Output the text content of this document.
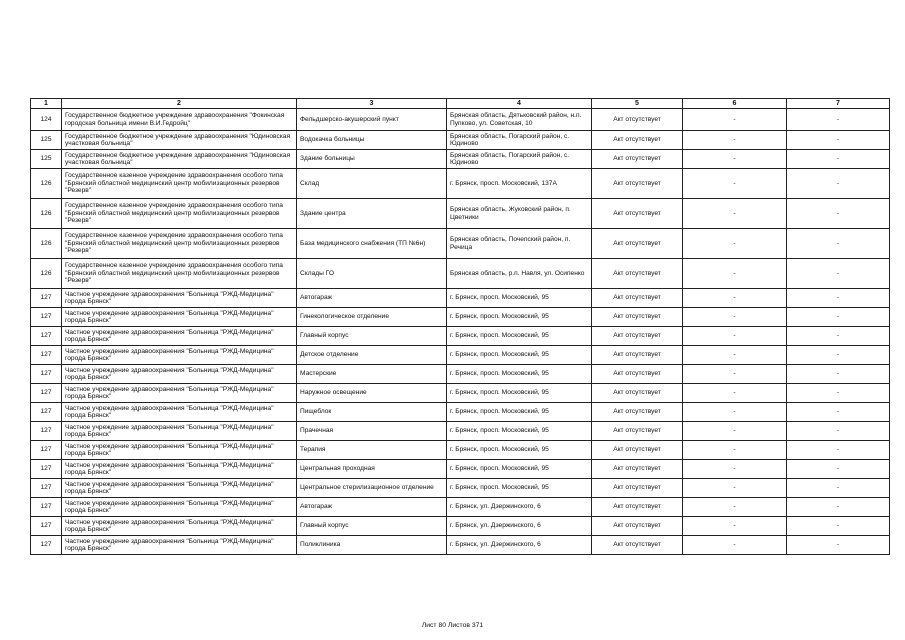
1	2	3	4	5	6	7
124	Государственное бюджетное учреждение здравоохранения "Фокинская городская больница имени В.И.Гедройц"	Фельдшерско-акушерский пункт	Брянская область, Дятьковский район, н.п. Пупково, ул. Советская, 10	Акт отсутствует	-	-
125	Государственное бюджетное учреждение здравоохранения "Юдиновская участковая больница"	Водокачка больницы	Брянская область, Погарский район, с. Юдиново	Акт отсутствует	-	-
125	Государственное бюджетное учреждение здравоохранения "Юдиновская участковая больница"	Здание больницы	Брянская область, Погарский район, с. Юдиново	Акт отсутствует	-	-
126	Государственное казенное учреждение здравоохранения особого типа "Брянский областной медицинский центр мобилизационных резервов "Резерв"	Склад	г. Брянск, просп. Московский, 137А	Акт отсутствует	-	-
126	Государственное казенное учреждение здравоохранения особого типа "Брянский областной медицинский центр мобилизационных резервов "Резерв"	Здание центра	Брянская область, Жуковский район, п. Цветники	Акт отсутствует	-	-
126	Государственное казенное учреждение здравоохранения особого типа "Брянский областной медицинский центр мобилизационных резервов "Резерв"	База медицинского снабжения (ТП №6н)	Брянская область, Почепский район, п. Речица	Акт отсутствует	-	-
126	Государственное казенное учреждение здравоохранения особого типа "Брянский областной медицинский центр мобилизационных резервов "Резерв"	Склады ГО	Брянская область, р.п. Навля, ул. Осипенко	Акт отсутствует	-	-
127	Частное учреждение здравоохранения "Больница "РЖД-Медицина" города Брянск"	Автогараж	г. Брянск, просп. Московский, 95	Акт отсутствует	-	-
127	Частное учреждение здравоохранения "Больница "РЖД-Медицина" города Брянск"	Гинекологическое отделение	г. Брянск, просп. Московский, 95	Акт отсутствует	-	-
127	Частное учреждение здравоохранения "Больница "РЖД-Медицина" города Брянск"	Главный корпус	г. Брянск, просп. Московский, 95	Акт отсутствует	-	-
127	Частное учреждение здравоохранения "Больница "РЖД-Медицина" города Брянск"	Детское отделение	г. Брянск, просп. Московский, 95	Акт отсутствует	-	-
127	Частное учреждение здравоохранения "Больница "РЖД-Медицина" города Брянск"	Мастерские	г. Брянск, просп. Московский, 95	Акт отсутствует	-	-
127	Частное учреждение здравоохранения "Больница "РЖД-Медицина" города Брянск"	Наружное освещение	г. Брянск, просп. Московский, 95	Акт отсутствует	-	-
127	Частное учреждение здравоохранения "Больница "РЖД-Медицина" города Брянск"	Пищеблок	г. Брянск, просп. Московский, 95	Акт отсутствует	-	-
127	Частное учреждение здравоохранения "Больница "РЖД-Медицина" города Брянск"	Прачечная	г. Брянск, просп. Московский, 95	Акт отсутствует	-	-
127	Частное учреждение здравоохранения "Больница "РЖД-Медицина" города Брянск"	Терапия	г. Брянск, просп. Московский, 95	Акт отсутствует	-	-
127	Частное учреждение здравоохранения "Больница "РЖД-Медицина" города Брянск"	Центральная проходная	г. Брянск, просп. Московский, 95	Акт отсутствует	-	-
127	Частное учреждение здравоохранения "Больница "РЖД-Медицина" города Брянск"	Центральное стерилизационное отделение	г. Брянск, просп. Московский, 95	Акт отсутствует	-	-
127	Частное учреждение здравоохранения "Больница "РЖД-Медицина" города Брянск"	Автогараж	г. Брянск, ул. Дзержинского, 6	Акт отсутствует	-	-
127	Частное учреждение здравоохранения "Больница "РЖД-Медицина" города Брянск"	Главный корпус	г. Брянск, ул. Дзержинского, 6	Акт отсутствует	-	-
127	Частное учреждение здравоохранения "Больница "РЖД-Медицина" города Брянск"	Поликлиника	г. Брянск, ул. Дзержинского, 6	Акт отсутствует	-	-
Лист 80 Листов 371
